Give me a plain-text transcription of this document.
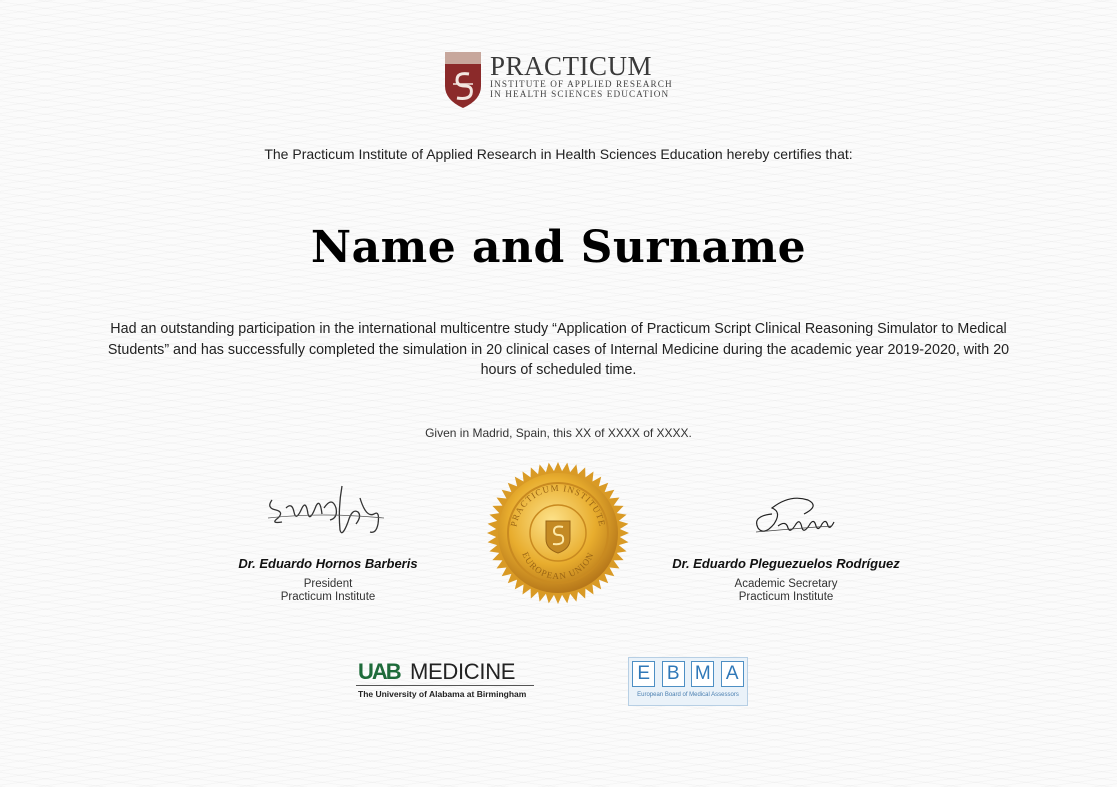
PRACTICUM
INSTITUTE OF APPLIED RESEARCH
IN HEALTH SCIENCES EDUCATION
The Practicum Institute of Applied Research in Health Sciences Education hereby certifies that:
Name and Surname
Had an outstanding participation in the international multicentre study “Application of Practicum Script Clinical Reasoning Simulator to Medical Students” and has successfully completed the simulation in 20 clinical cases of Internal Medicine during the academic year 2019-2020, with 20 hours of scheduled time.
Given in Madrid, Spain, this XX of XXXX of XXXX.
Dr. Eduardo Hornos Barberis
President
Practicum Institute
PRACTICUM INSTITUTE
EUROPEAN UNION
Dr. Eduardo Pleguezuelos Rodríguez
Academic Secretary
Practicum Institute
UAB MEDICINE
The University of Alabama at Birmingham
E B M A
European Board of Medical Assessors
